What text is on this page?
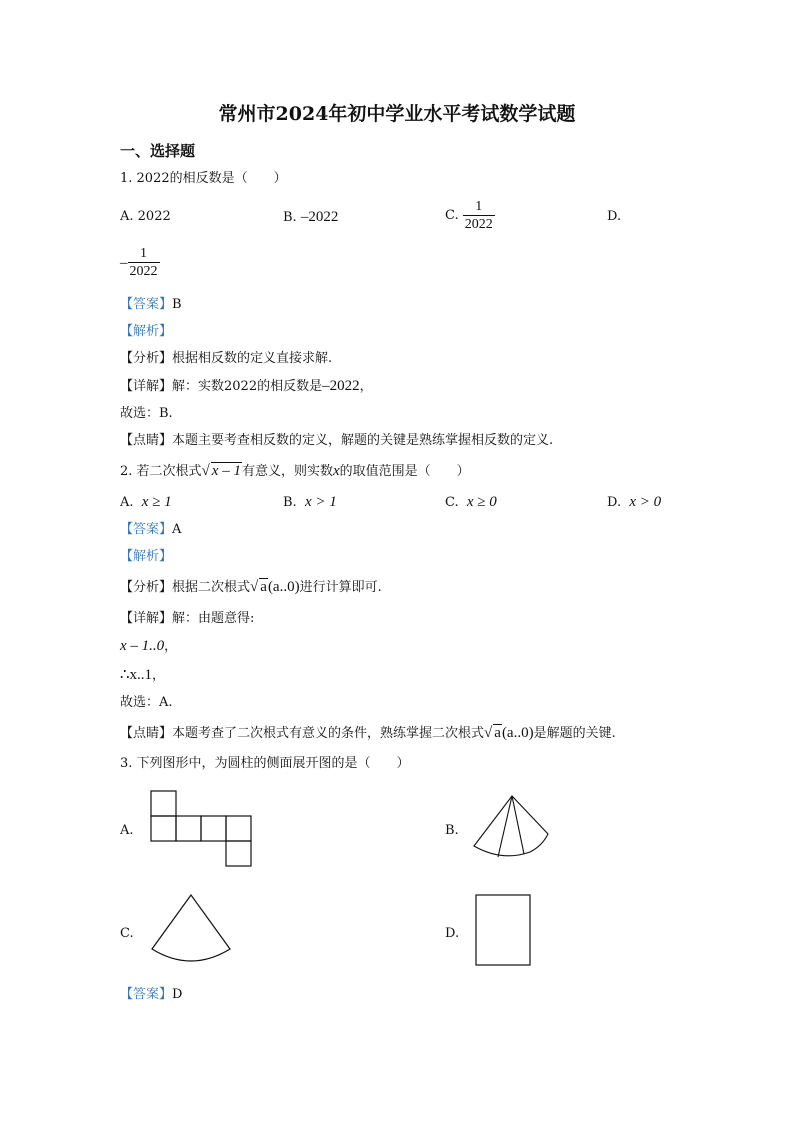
常州市2024年初中学业水平考试数学试题
一、选择题
1. 2022的相反数是（　　）
A. 2022	B. –2022	C. $\frac{1}{2022}$	D.
– $\frac{1}{2022}$
【答案】B
【解析】
【分析】根据相反数的定义直接求解.
【详解】解：实数2022的相反数是–2022，
故选：B.
【点睛】本题主要考查相反数的定义，解题的关键是熟练掌握相反数的定义.
2. 若二次根式√ x – 1有意义，则实数x的取值范围是（　　）
A. x ≥ 1	B. x > 1	C. x ≥ 0	D. x > 0
【答案】A
【解析】
【分析】根据二次根式√ a(a..0)进行计算即可.
【详解】解：由题意得:
x – 1..0，
∴x..1，
故选：A.
【点睛】本题考查了二次根式有意义的条件，熟练掌握二次根式√ a(a..0)是解题的关键.
3. 下列图形中，为圆柱的侧面展开图的是（　　）
A.	B.
C.	D.
【答案】D
